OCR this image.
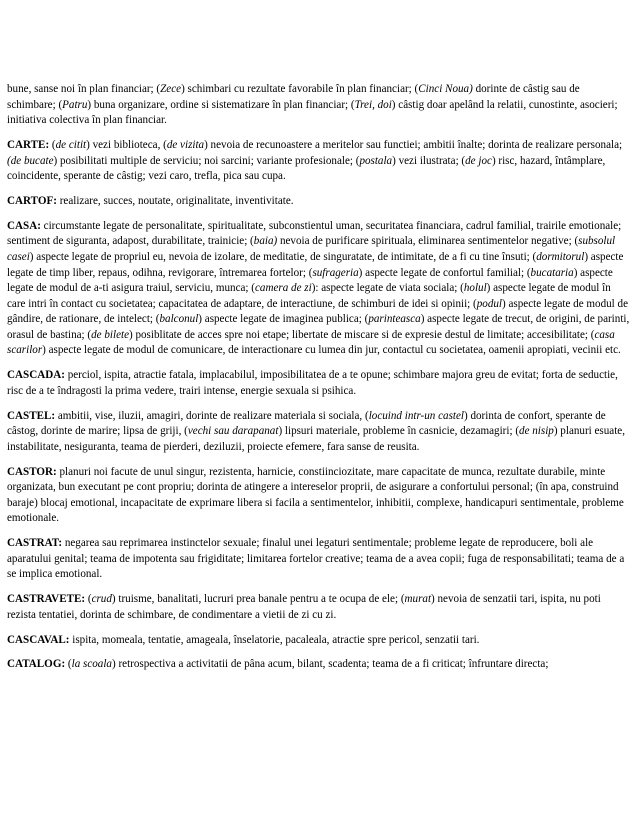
bune, sanse noi în plan financiar; (Zece) schimbari cu rezultate favorabile în plan financiar; (Cinci Noua) dorinte de câstig sau de schimbare; (Patru) buna organizare, ordine si sistematizare în plan financiar; (Trei, doi) câstig doar apelând la relatii, cunostinte, asocieri; initiativa colectiva în plan financiar.

CARTE: (de citit) vezi biblioteca, (de vizita) nevoia de recunoastere a meritelor sau functiei; ambitii înalte; dorinta de realizare personala; (de bucate) posibilitati multiple de serviciu; noi sarcini; variante profesionale; (postala) vezi ilustrata; (de joc) risc, hazard, întâmplare, coincidente, sperante de câstig; vezi caro, trefla, pica sau cupa.

CARTOF: realizare, succes, noutate, originalitate, inventivitate.

CASA: circumstante legate de personalitate, spiritualitate, subconstientul uman, securitatea financiara, cadrul familial, trairile emotionale; sentiment de siguranta, adapost, durabilitate, trainicie; (baia) nevoia de purificare spirituala, eliminarea sentimentelor negative; (subsolul casei) aspecte legate de propriul eu, nevoia de izolare, de meditatie, de singuratate, de intimitate, de a fi cu tine însuti; (dormitorul) aspecte legate de timp liber, repaus, odihna, revigorare, întremarea fortelor; (sufrageria) aspecte legate de confortul familial; (bucataria) aspecte legate de modul de a-ti asigura traiul, serviciu, munca; (camera de zi): aspecte legate de viata sociala; (holul) aspecte legate de modul în care intri în contact cu societatea; capacitatea de adaptare, de interactiune, de schimburi de idei si opinii; (podul) aspecte legate de modul de gândire, de rationare, de intelect; (balconul) aspecte legate de imaginea publica; (parinteasca) aspecte legate de trecut, de origini, de parinti, orasul de bastina; (de bilete) posiblitate de acces spre noi etape; libertate de miscare si de expresie destul de limitate; accesibilitate; (casa scarilor) aspecte legate de modul de comunicare, de interactionare cu lumea din jur, contactul cu societatea, oamenii apropiati, vecinii etc.

CASCADA: perciol, ispita, atractie fatala, implacabilul, imposibilitatea de a te opune; schimbare majora greu de evitat; forta de seductie, risc de a te îndragosti la prima vedere, trairi intense, energie sexuala si psihica.

CASTEL: ambitii, vise, iluzii, amagiri, dorinte de realizare materiala si sociala, (locuind intr-un castel) dorinta de confort, sperante de câstog, dorinte de marire; lipsa de griji, (vechi sau darapanat) lipsuri materiale, probleme în casnicie, dezamagiri; (de nisip) planuri esuate, instabilitate, nesiguranta, teama de pierderi, deziluzii, proiecte efemere, fara sanse de reusita.

CASTOR: planuri noi facute de unul singur, rezistenta, harnicie, constiinciozitate, mare capacitate de munca, rezultate durabile, minte organizata, bun executant pe cont propriu; dorinta de atingere a intereselor proprii, de asigurare a confortului personal; (în apa, construind baraje) blocaj emotional, incapacitate de exprimare libera si facila a sentimentelor, inhibitii, complexe, handicapuri sentimentale, probleme emotionale.

CASTRAT: negarea sau reprimarea instinctelor sexuale; finalul unei legaturi sentimentale; probleme legate de reproducere, boli ale aparatului genital; teama de impotenta sau frigiditate; limitarea fortelor creative; teama de a avea copii; fuga de responsabilitati; teama de a se implica emotional.

CASTRAVETE: (crud) truisme, banalitati, lucruri prea banale pentru a te ocupa de ele; (murat) nevoia de senzatii tari, ispita, nu poti rezista tentatiei, dorinta de schimbare, de condimentare a vietii de zi cu zi.

CASCAVAL: ispita, momeala, tentatie, amageala, înselatorie, pacaleala, atractie spre pericol, senzatii tari.

CATALOG: (la scoala) retrospectiva a activitatii de pâna acum, bilant, scadenta; teama de a fi criticat; înfruntare directa;
